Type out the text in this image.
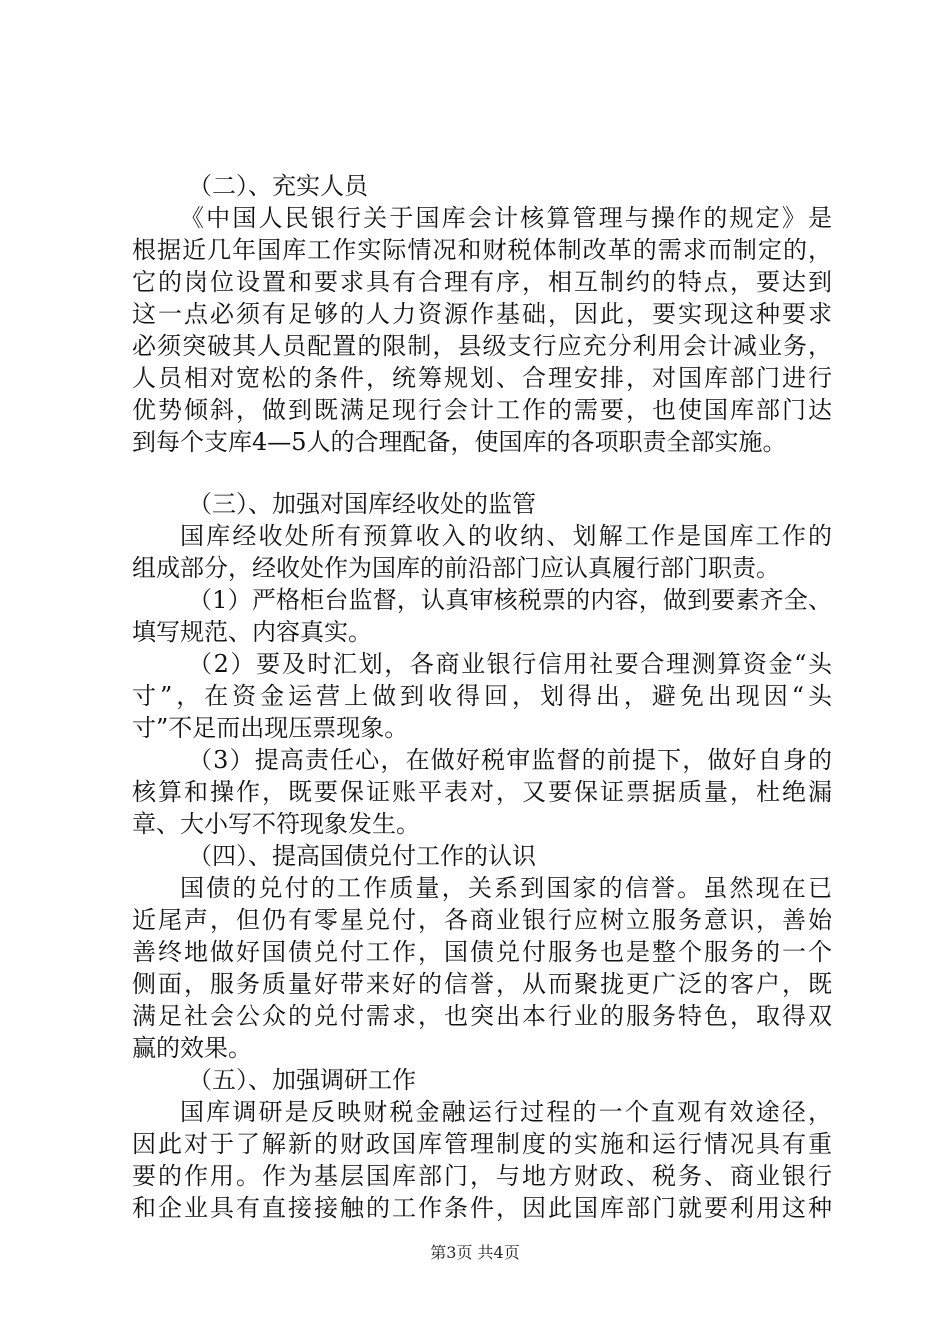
（二）、充实人员
《中国人民银行关于国库会计核算管理与操作的规定》是
根据近几年国库工作实际情况和财税体制改革的需求而制定的，
它的岗位设置和要求具有合理有序，相互制约的特点，要达到
这一点必须有足够的人力资源作基础，因此，要实现这种要求
必须突破其人员配置的限制，县级支行应充分利用会计减业务，
人员相对宽松的条件，统筹规划、合理安排，对国库部门进行
优势倾斜，做到既满足现行会计工作的需要，也使国库部门达
到每个支库4—5人的合理配备，使国库的各项职责全部实施。
（三）、加强对国库经收处的监管
国库经收处所有预算收入的收纳、划解工作是国库工作的
组成部分，经收处作为国库的前沿部门应认真履行部门职责。
（1）严格柜台监督，认真审核税票的内容，做到要素齐全、
填写规范、内容真实。
（2）要及时汇划，各商业银行信用社要合理测算资金“头
寸”，在资金运营上做到收得回，划得出，避免出现因“头
寸”不足而出现压票现象。
（3）提高责任心，在做好税审监督的前提下，做好自身的
核算和操作，既要保证账平表对，又要保证票据质量，杜绝漏
章、大小写不符现象发生。
（四）、提高国债兑付工作的认识
国债的兑付的工作质量，关系到国家的信誉。虽然现在已
近尾声，但仍有零星兑付，各商业银行应树立服务意识，善始
善终地做好国债兑付工作，国债兑付服务也是整个服务的一个
侧面，服务质量好带来好的信誉，从而聚拢更广泛的客户，既
满足社会公众的兑付需求，也突出本行业的服务特色，取得双
赢的效果。
（五）、加强调研工作
国库调研是反映财税金融运行过程的一个直观有效途径，
因此对于了解新的财政国库管理制度的实施和运行情况具有重
要的作用。作为基层国库部门，与地方财政、税务、商业银行
和企业具有直接接触的工作条件，因此国库部门就要利用这种
第3页 共4页
